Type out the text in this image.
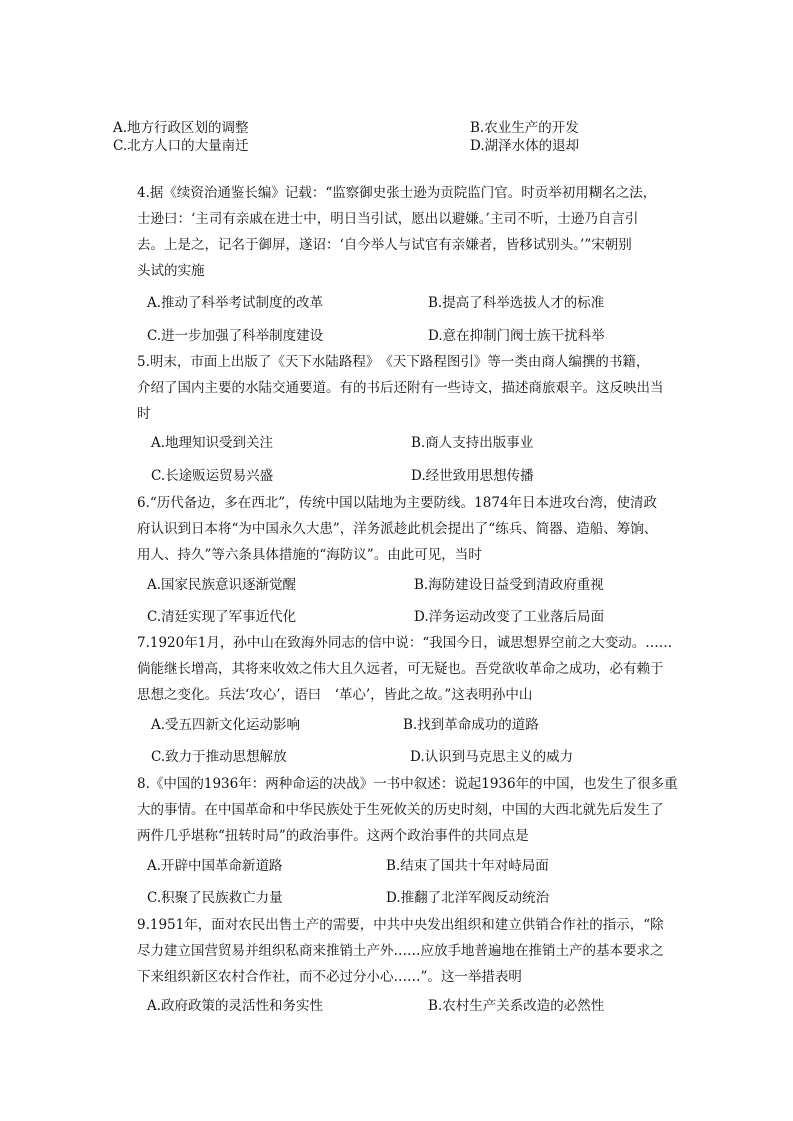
A.地方行政区划的调整	B.农业生产的开发
C.北方人口的大量南迁	D.湖泽水体的退却
4.据《续资治通鉴长编》记载：“监察御史张士逊为贡院监门官。时贡举初用糊名之法，
士逊曰：‘主司有亲戚在进士中，明日当引试，愿出以避嫌。’主司不听，士逊乃自言引
去。上是之，记名于御屏，遂诏：‘自今举人与试官有亲嫌者，皆移试别头。’”宋朝别
头试的实施
A.推动了科举考试制度的改革	B.提高了科举选拔人才的标准
C.进一步加强了科举制度建设	D.意在抑制门阀士族干扰科举
5.明末，市面上出版了《天下水陆路程》　《天下路程图引》等一类由商人编撰的书籍，
介绍了国内主要的水陆交通要道。有的书后还附有一些诗文，描述商旅艰辛。这反映出当
时
A.地理知识受到关注	B.商人支持出版事业
C.长途贩运贸易兴盛	D.经世致用思想传播
6.“历代备边，多在西北”，传统中国以陆地为主要防线。1874年日本进攻台湾，使清政
府认识到日本将“为中国永久大患”，洋务派趁此机会提出了“练兵、简器、造船、筹饷、
用人、持久”等六条具体措施的“海防议”。由此可见，当时
A.国家民族意识逐渐觉醒	B.海防建设日益受到清政府重视
C.清廷实现了军事近代化	D.洋务运动改变了工业落后局面
7.1920年1月，孙中山在致海外同志的信中说：“我国今日，诚思想界空前之大变动。……
倘能继长增高，其将来收效之伟大且久远者，可无疑也。吾党欲收革命之成功，必有赖于
思想之变化。兵法‘攻心’，语曰　‘革心’，皆此之故。”这表明孙中山
A.受五四新文化运动影响	B.找到革命成功的道路
C.致力于推动思想解放	D.认识到马克思主义的威力
8.《中国的1936年：两种命运的决战》一书中叙述：说起1936年的中国，也发生了很多重
大的事情。在中国革命和中华民族处于生死攸关的历史时刻，中国的大西北就先后发生了
两件几乎堪称“扭转时局”的政治事件。这两个政治事件的共同点是
A.开辟中国革命新道路	B.结束了国共十年对峙局面
C.积聚了民族救亡力量	D.推翻了北洋军阀反动统治
9.1951年，面对农民出售土产的需要，中共中央发出组织和建立供销合作社的指示，“除
尽力建立国营贸易并组织私商来推销土产外……应放手地普遍地在推销土产的基本要求之
下来组织新区农村合作社，而不必过分小心……”。这一举措表明
A.政府政策的灵活性和务实性	B.农村生产关系改造的必然性
